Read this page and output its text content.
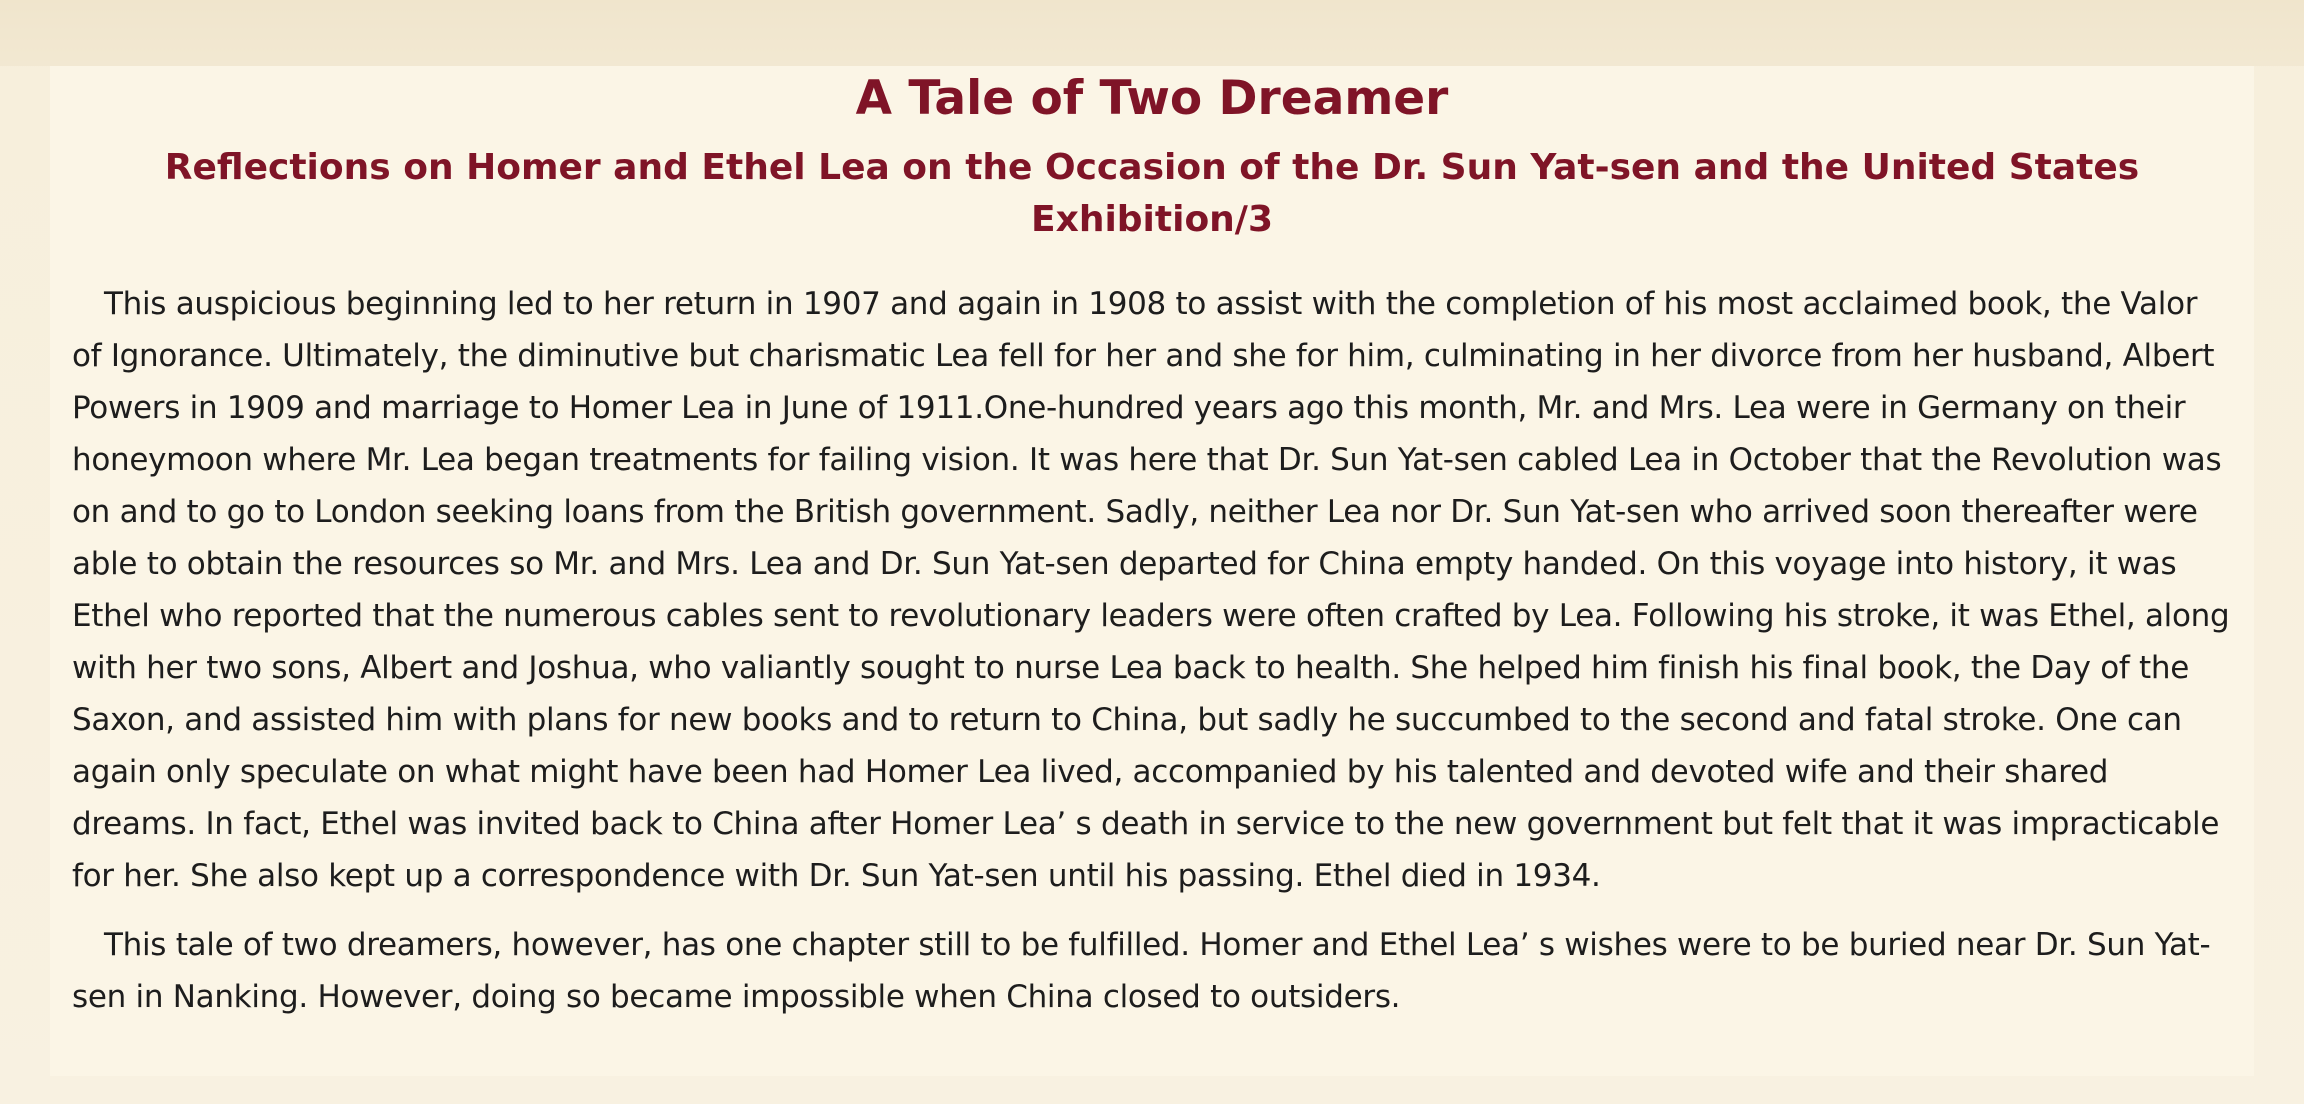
A Tale of Two Dreamer
Reflections on Homer and Ethel Lea on the Occasion of the Dr. Sun Yat-sen and the United States Exhibition/3

This auspicious beginning led to her return in 1907 and again in 1908 to assist with the completion of his most acclaimed book, the Valor of Ignorance. Ultimately, the diminutive but charismatic Lea fell for her and she for him, culminating in her divorce from her husband, Albert Powers in 1909 and marriage to Homer Lea in June of 1911.One-hundred years ago this month, Mr. and Mrs. Lea were in Germany on their honeymoon where Mr. Lea began treatments for failing vision. It was here that Dr. Sun Yat-sen cabled Lea in October that the Revolution was on and to go to London seeking loans from the British government. Sadly, neither Lea nor Dr. Sun Yat-sen who arrived soon thereafter were able to obtain the resources so Mr. and Mrs. Lea and Dr. Sun Yat-sen departed for China empty handed. On this voyage into history, it was Ethel who reported that the numerous cables sent to revolutionary leaders were often crafted by Lea. Following his stroke, it was Ethel, along with her two sons, Albert and Joshua, who valiantly sought to nurse Lea back to health. She helped him finish his final book, the Day of the Saxon, and assisted him with plans for new books and to return to China, but sadly he succumbed to the second and fatal stroke. One can again only speculate on what might have been had Homer Lea lived, accompanied by his talented and devoted wife and their shared dreams. In fact, Ethel was invited back to China after Homer Lea’ s death in service to the new government but felt that it was impracticable for her. She also kept up a correspondence with Dr. Sun Yat-sen until his passing. Ethel died in 1934.

This tale of two dreamers, however, has one chapter still to be fulfilled. Homer and Ethel Lea’ s wishes were to be buried near Dr. Sun Yat-sen in Nanking. However, doing so became impossible when China closed to outsiders.
